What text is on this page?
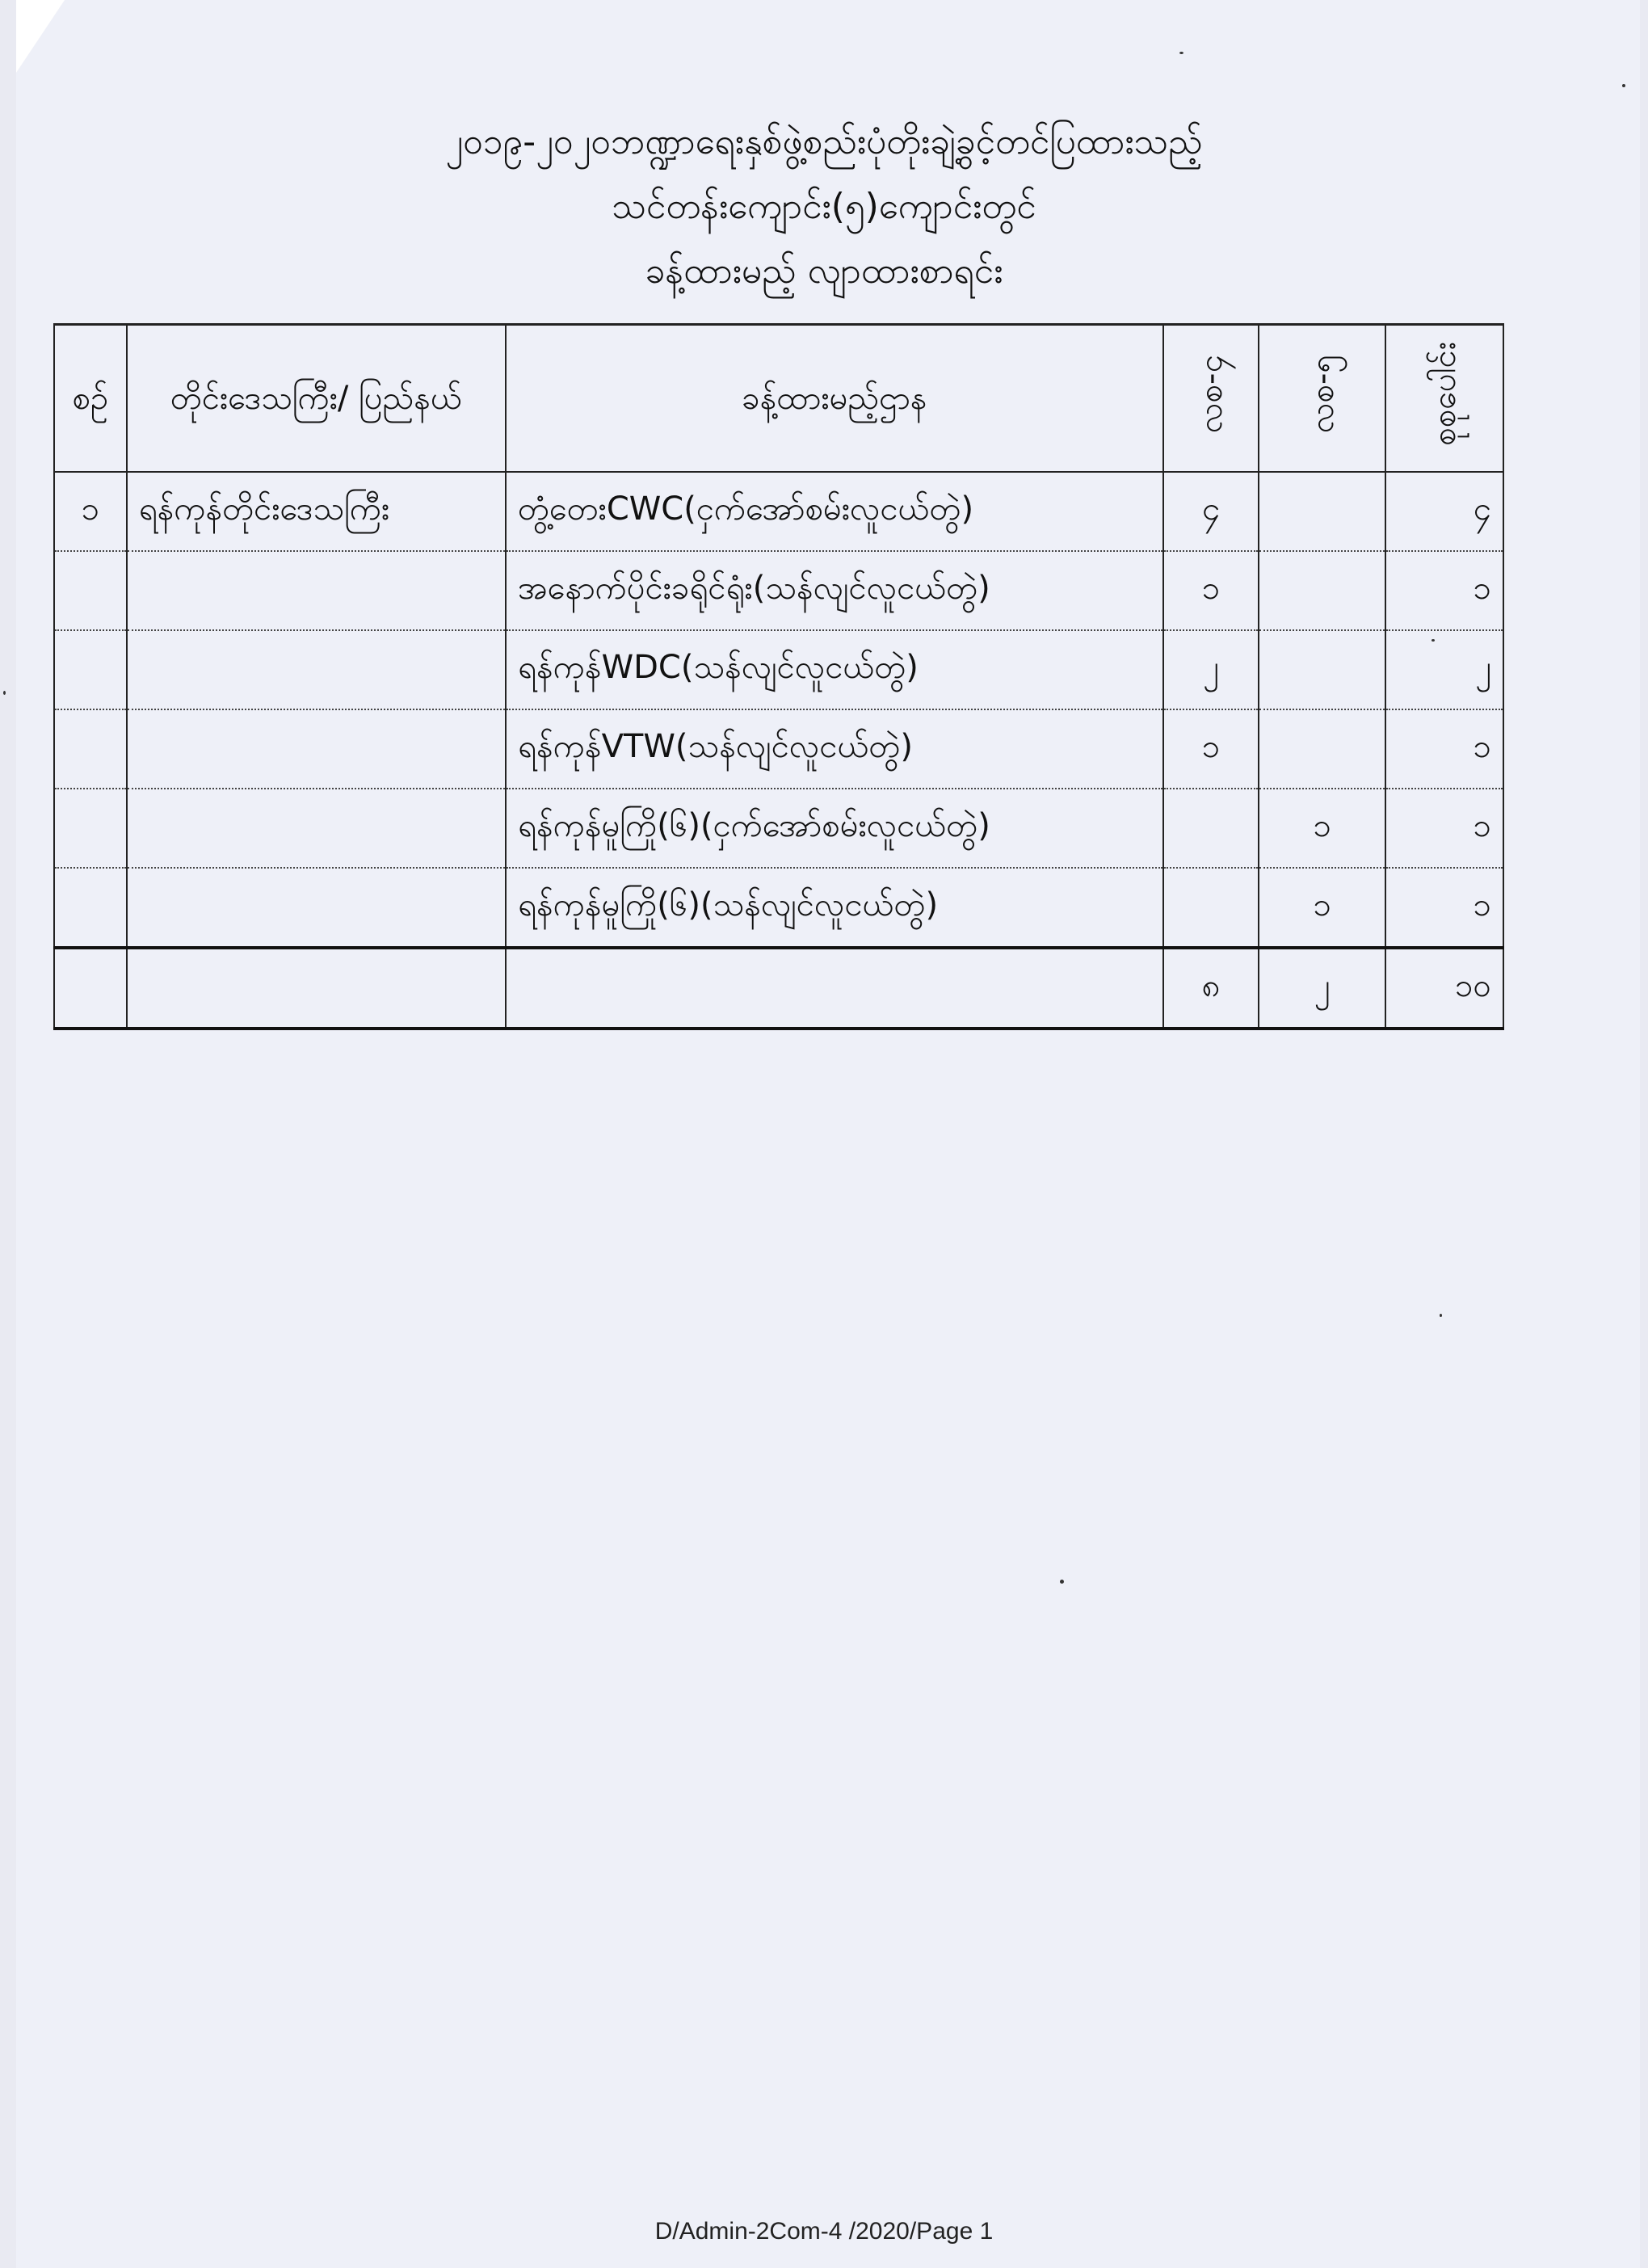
၂၀၁၉-၂၀၂၀ဘဏ္ဍာရေးနှစ်ဖွဲ့စည်းပုံတိုးချဲ့ခွင့်တင်ပြထားသည့်
သင်တန်းကျောင်း(၅)ကျောင်းတွင်
ခန့်ထားမည့် လျာထားစာရင်း
စဉ်	တိုင်းဒေသကြီး/ ပြည်နယ်	ခန့်ထားမည့်ဌာန	လစ-၄	လစ-၅	စုစုပေါင်း
၁	ရန်ကုန်တိုင်းဒေသကြီး	တွံ့တေးCWC(ငှက်အော်စမ်းလူငယ်တွဲ)	၄		၄
		အနောက်ပိုင်းခရိုင်ရုံး(သန်လျင်လူငယ်တွဲ)	၁		၁
		ရန်ကုန်WDC(သန်လျင်လူငယ်တွဲ)	၂		၂
		ရန်ကုန်VTW(သန်လျင်လူငယ်တွဲ)	၁		၁
		ရန်ကုန်မူကြို(၆)(ငှက်အော်စမ်းလူငယ်တွဲ)		၁	၁
		ရန်ကုန်မူကြို(၆)(သန်လျင်လူငယ်တွဲ)		၁	၁
			၈	၂	၁၀
D/Admin-2Com-4 /2020/Page 1
